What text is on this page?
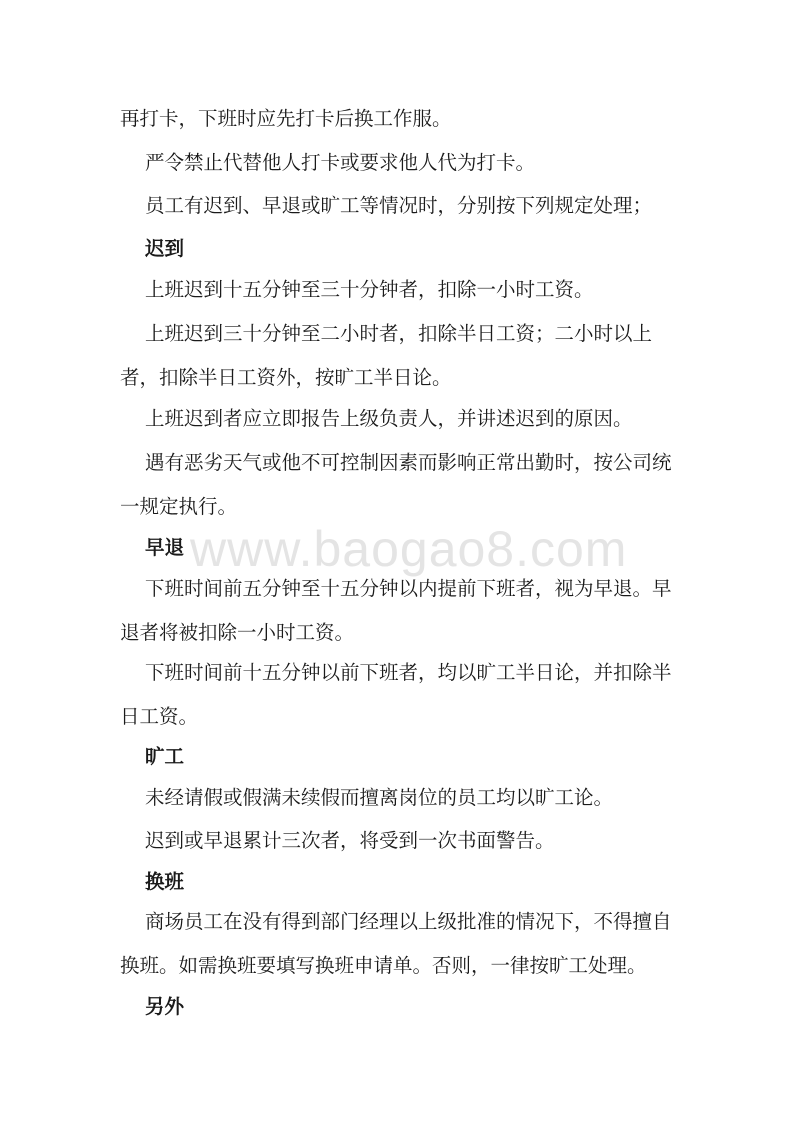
再打卡，下班时应先打卡后换工作服。

严令禁止代替他人打卡或要求他人代为打卡。

员工有迟到、早退或旷工等情况时，分别按下列规定处理；

迟到

上班迟到十五分钟至三十分钟者，扣除一小时工资。

上班迟到三十分钟至二小时者，扣除半日工资；二小时以上者，扣除半日工资外，按旷工半日论。

上班迟到者应立即报告上级负责人，并讲述迟到的原因。

遇有恶劣天气或他不可控制因素而影响正常出勤时，按公司统一规定执行。

早退

下班时间前五分钟至十五分钟以内提前下班者，视为早退。早退者将被扣除一小时工资。

下班时间前十五分钟以前下班者，均以旷工半日论，并扣除半日工资。

旷工

未经请假或假满未续假而擅离岗位的员工均以旷工论。

迟到或早退累计三次者，将受到一次书面警告。

换班

商场员工在没有得到部门经理以上级批准的情况下，不得擅自换班。如需换班要填写换班申请单。否则，一律按旷工处理。

另外
www.baogao8.com
